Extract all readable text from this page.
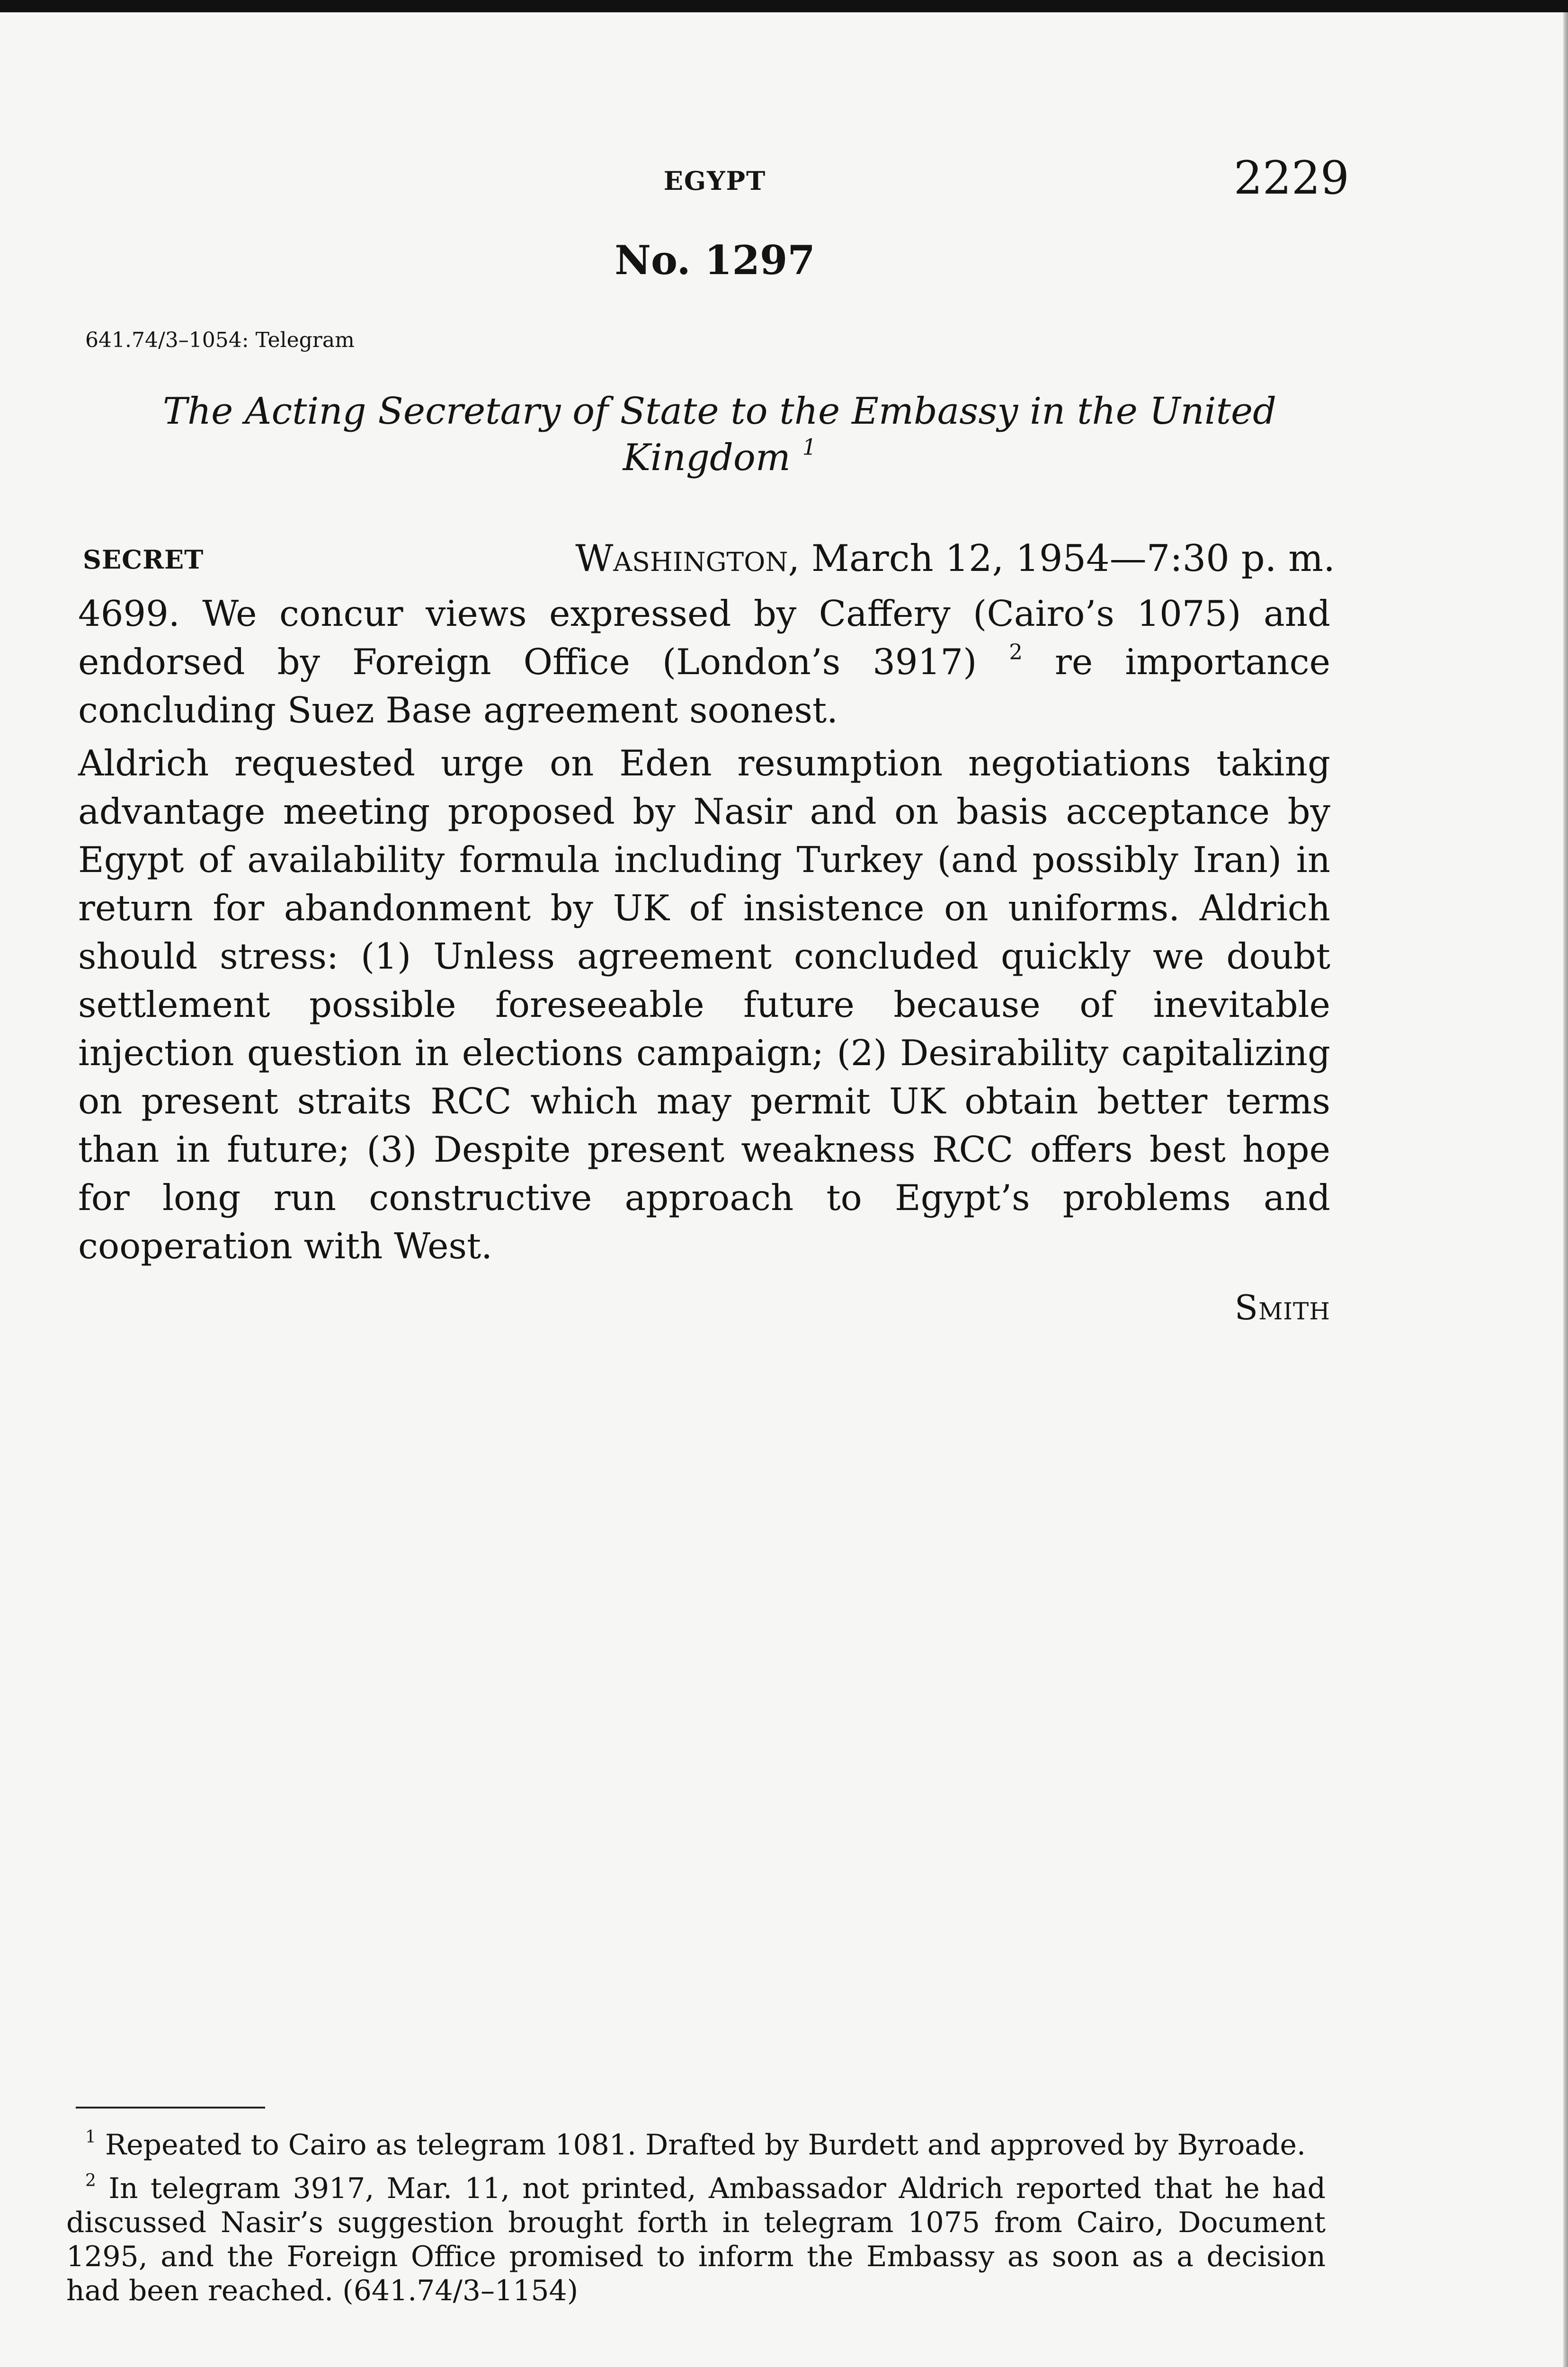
EGYPT	2229
No. 1297
641.74/3–1054: Telegram
The Acting Secretary of State to the Embassy in the United Kingdom $^1$
SECRET	Washington, March 12, 1954—7:30 p. m.

4699. We concur views expressed by Caffery (Cairo’s 1075) and endorsed by Foreign Office (London’s 3917) $^2$ re importance concluding Suez Base agreement soonest.

Aldrich requested urge on Eden resumption negotiations taking advantage meeting proposed by Nasir and on basis acceptance by Egypt of availability formula including Turkey (and possibly Iran) in return for abandonment by UK of insistence on uniforms. Aldrich should stress: (1) Unless agreement concluded quickly we doubt settlement possible foreseeable future because of inevitable injection question in elections campaign; (2) Desirability capitalizing on present straits RCC which may permit UK obtain better terms than in future; (3) Despite present weakness RCC offers best hope for long run constructive approach to Egypt’s problems and cooperation with West.

Smith

$^1$ Repeated to Cairo as telegram 1081. Drafted by Burdett and approved by Byroade.

$^2$ In telegram 3917, Mar. 11, not printed, Ambassador Aldrich reported that he had discussed Nasir’s suggestion brought forth in telegram 1075 from Cairo, Document 1295, and the Foreign Office promised to inform the Embassy as soon as a decision had been reached. (641.74/3–1154)
